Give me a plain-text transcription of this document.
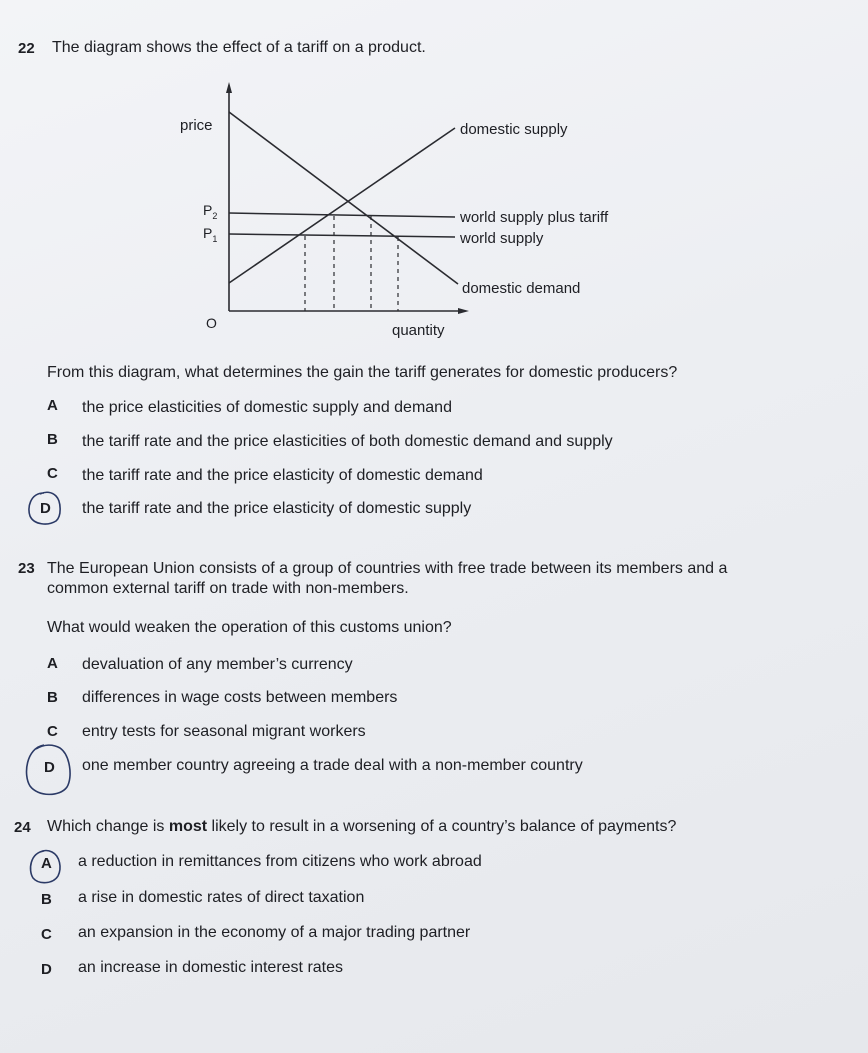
22 The diagram shows the effect of a tariff on a product.
price
quantity
O
$P_2$
$P_1$
domestic supply
world supply plus tariff
world supply
domestic demand
From this diagram, what determines the gain the tariff generates for domestic producers?
A the price elasticities of domestic supply and demand
B the tariff rate and the price elasticities of both domestic demand and supply
C the tariff rate and the price elasticity of domestic demand
D the tariff rate and the price elasticity of domestic supply
23 The European Union consists of a group of countries with free trade between its members and a
common external tariff on trade with non-members.
What would weaken the operation of this customs union?
A devaluation of any member’s currency
B differences in wage costs between members
C entry tests for seasonal migrant workers
D one member country agreeing a trade deal with a non-member country
24 Which change is most likely to result in a worsening of a country’s balance of payments?
A a reduction in remittances from citizens who work abroad
B a rise in domestic rates of direct taxation
C an expansion in the economy of a major trading partner
D an increase in domestic interest rates
